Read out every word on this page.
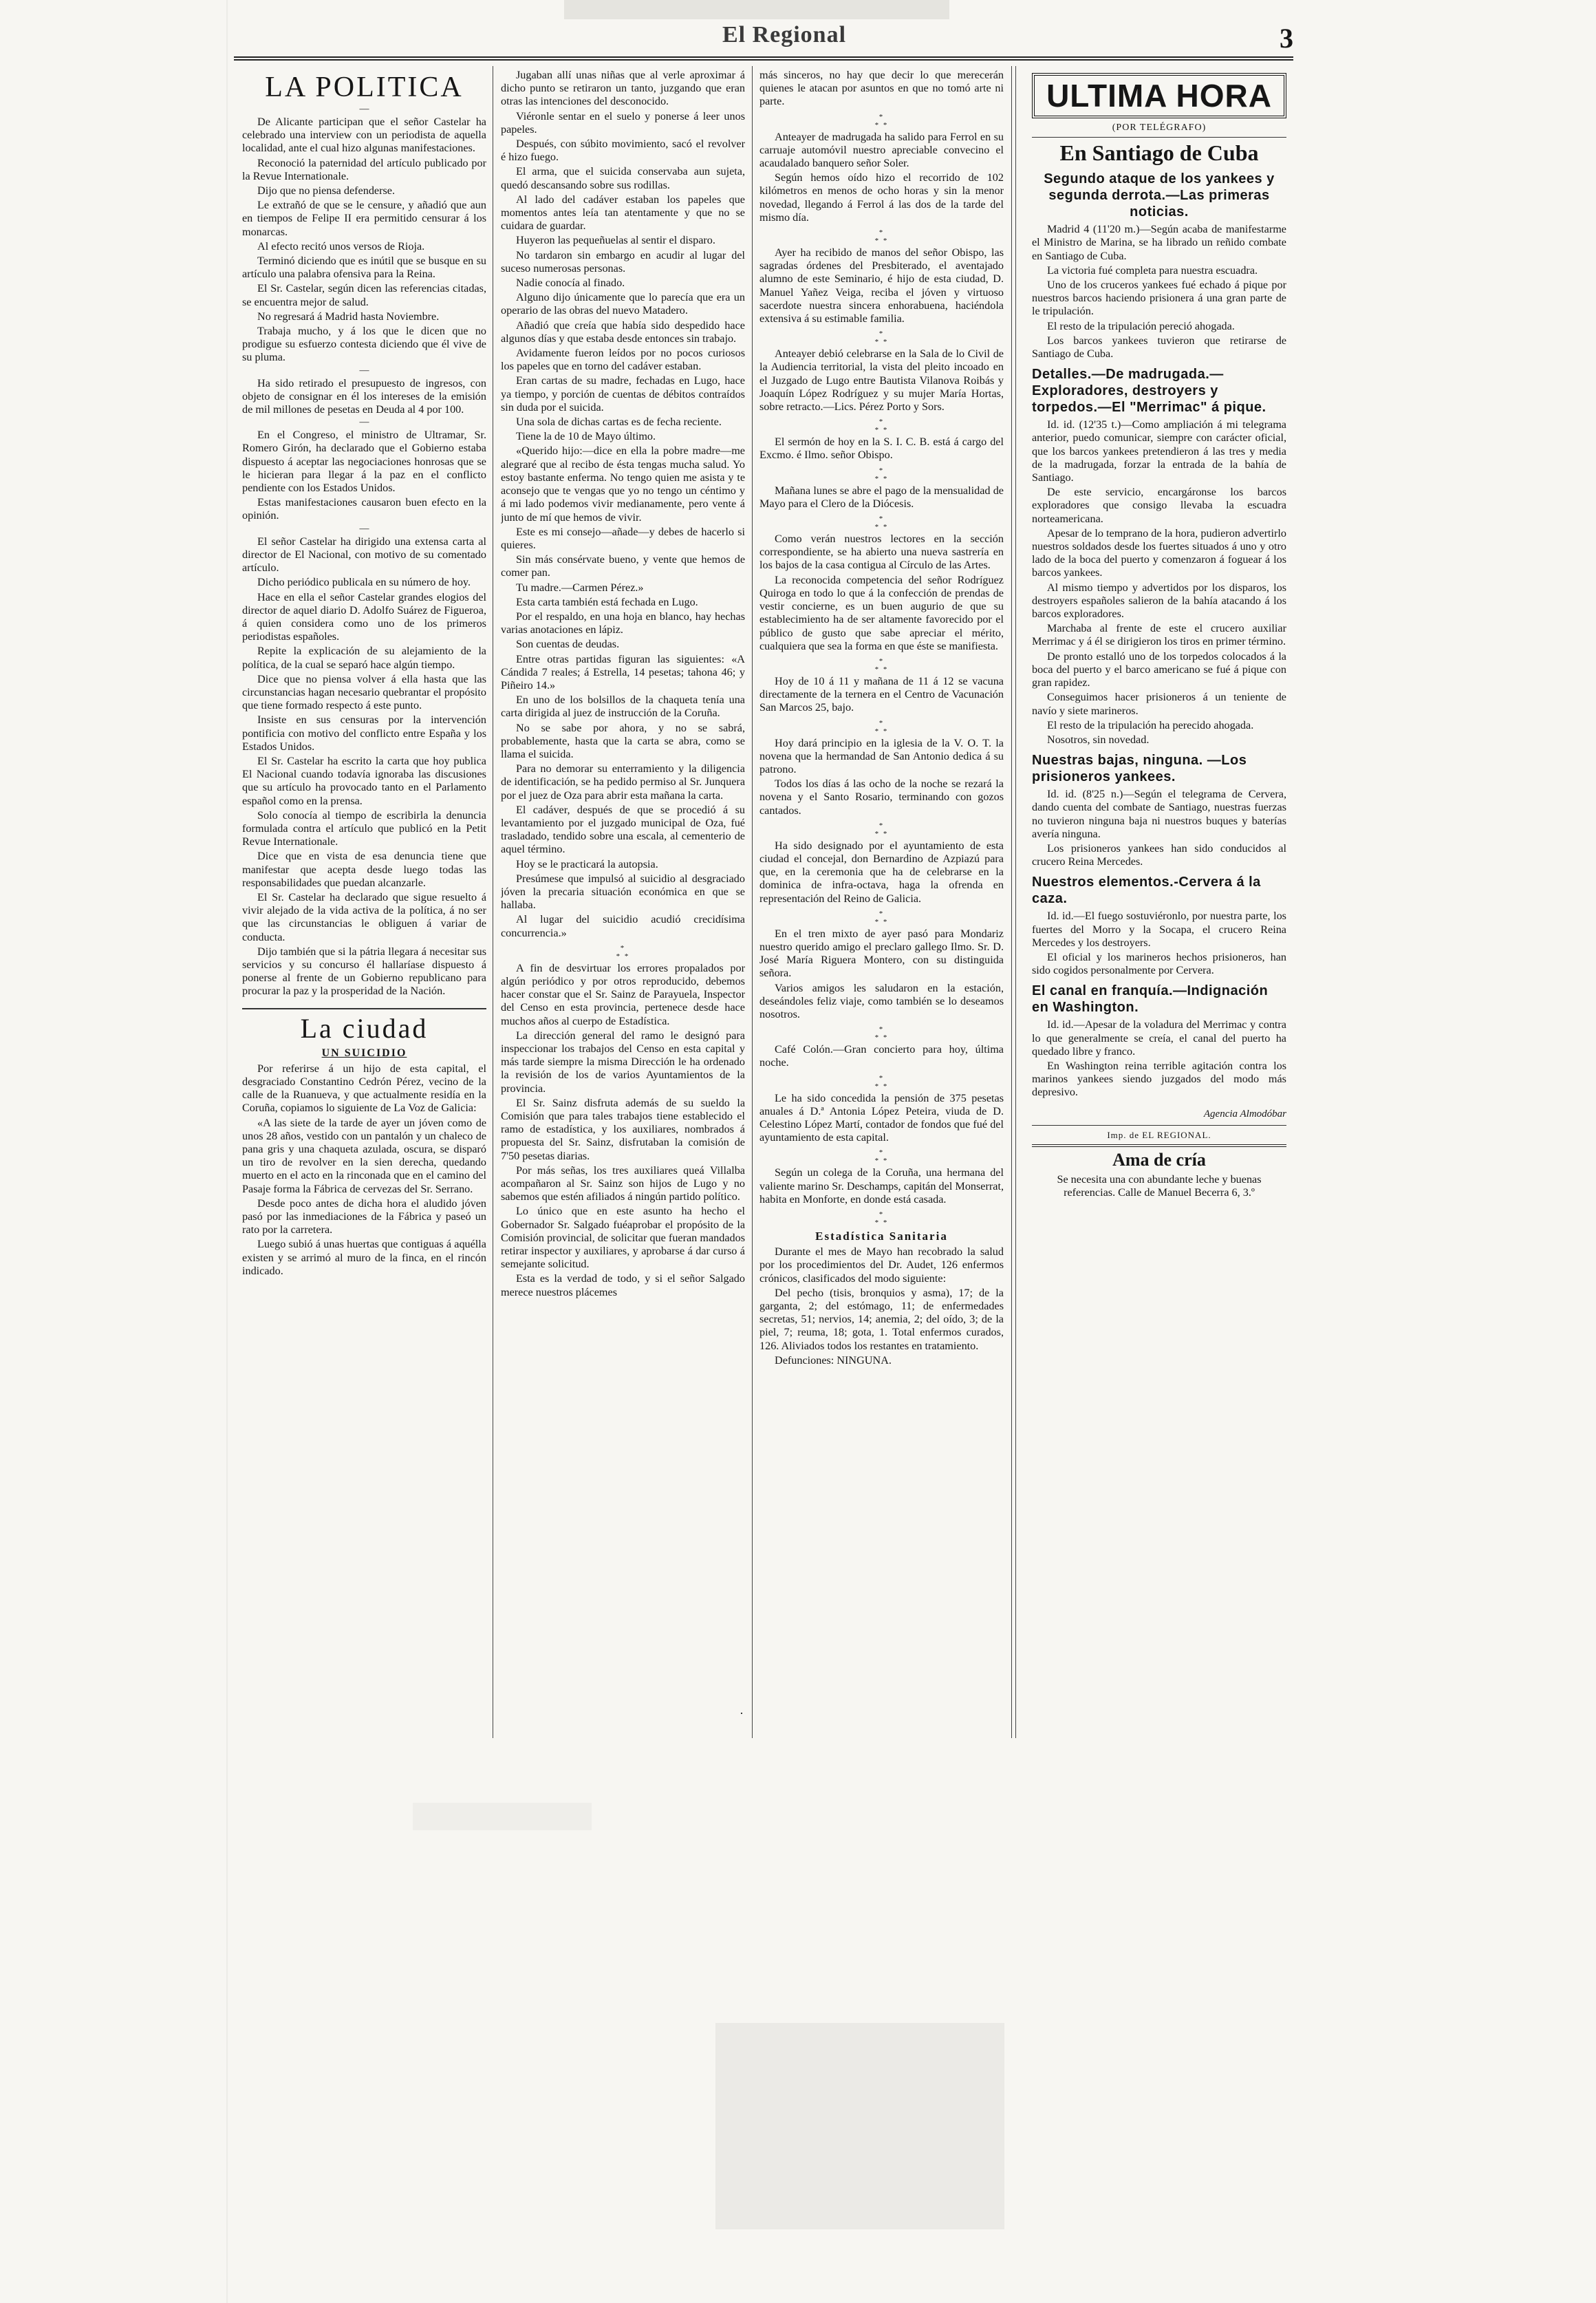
El Regional	3
LA POLITICA
—

De Alicante participan que el señor Castelar ha celebrado una interview con un periodista de aquella localidad, ante el cual hizo algunas manifestaciones.

Reconoció la paternidad del artículo publicado por la Revue Internationale.

Dijo que no piensa defenderse.

Le extrañó de que se le censure, y añadió que aun en tiempos de Felipe II era permitido censurar á los monarcas.

Al efecto recitó unos versos de Rioja.

Terminó diciendo que es inútil que se busque en su artículo una palabra ofensiva para la Reina.

El Sr. Castelar, según dicen las referencias citadas, se encuentra mejor de salud.

No regresará á Madrid hasta Noviembre.

Trabaja mucho, y á los que le dicen que no prodigue su esfuerzo contesta diciendo que él vive de su pluma.

—

Ha sido retirado el presupuesto de ingresos, con objeto de consignar en él los intereses de la emisión de mil millones de pesetas en Deuda al 4 por 100.

—

En el Congreso, el ministro de Ultramar, Sr. Romero Girón, ha declarado que el Gobierno estaba dispuesto á aceptar las negociaciones honrosas que se le hicieran para llegar á la paz en el conflicto pendiente con los Estados Unidos.

Estas manifestaciones causaron buen efecto en la opinión.

—

El señor Castelar ha dirigido una extensa carta al director de El Nacional, con motivo de su comentado artículo.

Dicho periódico publicala en su número de hoy.

Hace en ella el señor Castelar grandes elogios del director de aquel diario D. Adolfo Suárez de Figueroa, á quien considera como uno de los primeros periodistas españoles.

Repite la explicación de su alejamiento de la política, de la cual se separó hace algún tiempo.

Dice que no piensa volver á ella hasta que las circunstancias hagan necesario quebrantar el propósito que tiene formado respecto á este punto.

Insiste en sus censuras por la intervención pontificia con motivo del conflicto entre España y los Estados Unidos.

El Sr. Castelar ha escrito la carta que hoy publica El Nacional cuando todavía ignoraba las discusiones que su artículo ha provocado tanto en el Parlamento español como en la prensa.

Solo conocía al tiempo de escribirla la denuncia formulada contra el artículo que publicó en la Petit Revue Internationale.

Dice que en vista de esa denuncia tiene que manifestar que acepta desde luego todas las responsabilidades que puedan alcanzarle.

El Sr. Castelar ha declarado que sigue resuelto á vivir alejado de la vida activa de la política, á no ser que las circunstancias le obliguen á variar de conducta.

Dijo también que si la pátria llegara á necesitar sus servicios y su concurso él hallaríase dispuesto á ponerse al frente de un Gobierno republicano para procurar la paz y la prosperidad de la Nación.

La ciudad
UN SUICIDIO

Por referirse á un hijo de esta capital, el desgraciado Constantino Cedrón Pérez, vecino de la calle de la Ruanueva, y que actualmente residía en la Coruña, copiamos lo siguiente de La Voz de Galicia:

«A las siete de la tarde de ayer un jóven como de unos 28 años, vestido con un pantalón y un chaleco de pana gris y una chaqueta azulada, oscura, se disparó un tiro de revolver en la sien derecha, quedando muerto en el acto en la rinconada que en el camino del Pasaje forma la Fábrica de cervezas del Sr. Serrano.

Desde poco antes de dicha hora el aludido jóven pasó por las inmediaciones de la Fábrica y paseó un rato por la carretera.

Luego subió á unas huertas que contiguas á aquélla existen y se arrimó al muro de la finca, en el rincón indicado.

Jugaban allí unas niñas que al verle aproximar á dicho punto se retiraron un tanto, juzgando que eran otras las intenciones del desconocido.

Viéronle sentar en el suelo y ponerse á leer unos papeles.

Después, con súbito movimiento, sacó el revolver é hizo fuego.

El arma, que el suicida conservaba aun sujeta, quedó descansando sobre sus rodillas.

Al lado del cadáver estaban los papeles que momentos antes leía tan atentamente y que no se cuidara de guardar.

Huyeron las pequeñuelas al sentir el disparo.

No tardaron sin embargo en acudir al lugar del suceso numerosas personas.

Nadie conocía al finado.

Alguno dijo únicamente que lo parecía que era un operario de las obras del nuevo Matadero.

Añadió que creía que había sido despedido hace algunos días y que estaba desde entonces sin trabajo.

Avidamente fueron leídos por no pocos curiosos los papeles que en torno del cadáver estaban.

Eran cartas de su madre, fechadas en Lugo, hace ya tiempo, y porción de cuentas de débitos contraídos sin duda por el suicida.

Una sola de dichas cartas es de fecha reciente.

Tiene la de 10 de Mayo último.

«Querido hijo:—dice en ella la pobre madre—me alegraré que al recibo de ésta tengas mucha salud. Yo estoy bastante enferma. No tengo quien me asista y te aconsejo que te vengas que yo no tengo un céntimo y á mi lado podemos vivir medianamente, pero vente á junto de mí que hemos de vivir.

Este es mi consejo—añade—y debes de hacerlo si quieres.

Sin más consérvate bueno, y vente que hemos de comer pan.

Tu madre.—Carmen Pérez.»

Esta carta también está fechada en Lugo.

Por el respaldo, en una hoja en blanco, hay hechas varias anotaciones en lápiz.

Son cuentas de deudas.

Entre otras partidas figuran las siguientes: «A Cándida 7 reales; á Estrella, 14 pesetas; tahona 46; y Piñeiro 14.»

En uno de los bolsillos de la chaqueta tenía una carta dirigida al juez de instrucción de la Coruña.

No se sabe por ahora, y no se sabrá, probablemente, hasta que la carta se abra, como se llama el suicida.

Para no demorar su enterramiento y la diligencia de identificación, se ha pedido permiso al Sr. Junquera por el juez de Oza para abrir esta mañana la carta.

El cadáver, después de que se procedió á su levantamiento por el juzgado municipal de Oza, fué trasladado, tendido sobre una escala, al cementerio de aquel término.

Hoy se le practicará la autopsia.

Presúmese que impulsó al suicidio al desgraciado jóven la precaria situación económica en que se hallaba.

Al lugar del suicidio acudió crecidísima concurrencia.»

*
* *

A fin de desvirtuar los errores propalados por algún periódico y por otros reproducido, debemos hacer constar que el Sr. Sainz de Parayuela, Inspector del Censo en esta provincia, pertenece desde hace muchos años al cuerpo de Estadística.

La dirección general del ramo le designó para inspeccionar los trabajos del Censo en esta capital y más tarde siempre la misma Dirección le ha ordenado la revisión de los de varios Ayuntamientos de la provincia.

El Sr. Sainz disfruta además de su sueldo la Comisión que para tales trabajos tiene establecido el ramo de estadística, y los auxiliares, nombrados á propuesta del Sr. Sainz, disfrutaban la comisión de 7'50 pesetas diarias.

Por más señas, los tres auxiliares queá Villalba acompañaron al Sr. Sainz son hijos de Lugo y no sabemos que estén afiliados á ningún partido político.

Lo único que en este asunto ha hecho el Gobernador Sr. Salgado fuéaprobar el propósito de la Comisión provincial, de solicitar que fueran mandados retirar inspector y auxiliares, y aprobarse á dar curso á semejante solicitud.

Esta es la verdad de todo, y si el señor Salgado merece nuestros plácemes

más sinceros, no hay que decir lo que merecerán quienes le atacan por asuntos en que no tomó arte ni parte.

*
* *

Anteayer de madrugada ha salido para Ferrol en su carruaje automóvil nuestro apreciable convecino el acaudalado banquero señor Soler.

Según hemos oído hizo el recorrido de 102 kilómetros en menos de ocho horas y sin la menor novedad, llegando á Ferrol á las dos de la tarde del mismo día.

*
* *

Ayer ha recibido de manos del señor Obispo, las sagradas órdenes del Presbiterado, el aventajado alumno de este Seminario, é hijo de esta ciudad, D. Manuel Yañez Veiga, reciba el jóven y virtuoso sacerdote nuestra sincera enhorabuena, haciéndola extensiva á su estimable familia.

*
* *

Anteayer debió celebrarse en la Sala de lo Civil de la Audiencia territorial, la vista del pleito incoado en el Juzgado de Lugo entre Bautista Vilanova Roibás y Joaquín López Rodríguez y su mujer María Hortas, sobre retracto.—Lics. Pérez Porto y Sors.

*
* *

El sermón de hoy en la S. I. C. B. está á cargo del Excmo. é Ilmo. señor Obispo.

*
* *

Mañana lunes se abre el pago de la mensualidad de Mayo para el Clero de la Diócesis.

*
* *

Como verán nuestros lectores en la sección correspondiente, se ha abierto una nueva sastrería en los bajos de la casa contigua al Círculo de las Artes.

La reconocida competencia del señor Rodríguez Quiroga en todo lo que á la confección de prendas de vestir concierne, es un buen augurio de que su establecimiento ha de ser altamente favorecido por el público de gusto que sabe apreciar el mérito, cualquiera que sea la forma en que éste se manifiesta.

*
* *

Hoy de 10 á 11 y mañana de 11 á 12 se vacuna directamente de la ternera en el Centro de Vacunación San Marcos 25, bajo.

*
* *

Hoy dará principio en la iglesia de la V. O. T. la novena que la hermandad de San Antonio dedica á su patrono.

Todos los días á las ocho de la noche se rezará la novena y el Santo Rosario, terminando con gozos cantados.

*
* *

Ha sido designado por el ayuntamiento de esta ciudad el concejal, don Bernardino de Azpiazú para que, en la ceremonia que ha de celebrarse en la dominica de infra-octava, haga la ofrenda en representación del Reino de Galicia.

*
* *

En el tren mixto de ayer pasó para Mondariz nuestro querido amigo el preclaro gallego Ilmo. Sr. D. José María Riguera Montero, con su distinguida señora.

Varios amigos les saludaron en la estación, deseándoles feliz viaje, como también se lo deseamos nosotros.

*
* *

Café Colón.—Gran concierto para hoy, última noche.

*
* *

Le ha sido concedida la pensión de 375 pesetas anuales á D.ª Antonia López Peteira, viuda de D. Celestino López Martí, contador de fondos que fué del ayuntamiento de esta capital.

*
* *

Según un colega de la Coruña, una hermana del valiente marino Sr. Deschamps, capitán del Monserrat, habita en Monforte, en donde está casada.

*
* *
Estadística Sanitaria

Durante el mes de Mayo han recobrado la salud por los procedimientos del Dr. Audet, 126 enfermos crónicos, clasificados del modo siguiente:

Del pecho (tisis, bronquios y asma), 17; de la garganta, 2; del estómago, 11; de enfermedades secretas, 51; nervios, 14; anemia, 2; del oído, 3; de la piel, 7; reuma, 18; gota, 1. Total enfermos curados, 126. Aliviados todos los restantes en tratamiento.

Defunciones: NINGUNA.

ULTIMA HORA
(POR TELÉGRAFO)
En Santiago de Cuba
Segundo ataque de los yankees y segunda derrota.—Las primeras noticias.

Madrid 4 (11'20 m.)—Según acaba de manifestarme el Ministro de Marina, se ha librado un reñido combate en Santiago de Cuba.

La victoria fué completa para nuestra escuadra.

Uno de los cruceros yankees fué echado á pique por nuestros barcos haciendo prisionera á una gran parte de le tripulación.

El resto de la tripulación pereció ahogada.

Los barcos yankees tuvieron que retirarse de Santiago de Cuba.

Detalles.—De madrugada.—Exploradores, destroyers y torpedos.—El "Merrimac" á pique.

Id. id. (12'35 t.)—Como ampliación á mi telegrama anterior, puedo comunicar, siempre con carácter oficial, que los barcos yankees pretendieron á las tres y media de la madrugada, forzar la entrada de la bahía de Santiago.

De este servicio, encargáronse los barcos exploradores que consigo llevaba la escuadra norteamericana.

Apesar de lo temprano de la hora, pudieron advertirlo nuestros soldados desde los fuertes situados á uno y otro lado de la boca del puerto y comenzaron á foguear á los barcos yankees.

Al mismo tiempo y advertidos por los disparos, los destroyers españoles salieron de la bahía atacando á los barcos exploradores.

Marchaba al frente de este el crucero auxiliar Merrimac y á él se dirigieron los tiros en primer término.

De pronto estalló uno de los torpedos colocados á la boca del puerto y el barco americano se fué á pique con gran rapidez.

Conseguimos hacer prisioneros á un teniente de navío y siete marineros.

El resto de la tripulación ha perecido ahogada.

Nosotros, sin novedad.

Nuestras bajas, ninguna. —Los prisioneros yankees.

Id. id. (8'25 n.)—Según el telegrama de Cervera, dando cuenta del combate de Santiago, nuestras fuerzas no tuvieron ninguna baja ni nuestros buques y baterías avería ninguna.

Los prisioneros yankees han sido conducidos al crucero Reina Mercedes.

Nuestros elementos.-Cervera á la caza.

Id. id.—El fuego sostuviéronlo, por nuestra parte, los fuertes del Morro y la Socapa, el crucero Reina Mercedes y los destroyers.

El oficial y los marineros hechos prisioneros, han sido cogidos personalmente por Cervera.

El canal en franquía.—Indignación en Washington.

Id. id.—Apesar de la voladura del Merrimac y contra lo que generalmente se creía, el canal del puerto ha quedado libre y franco.

En Washington reina terrible agitación contra los marinos yankees siendo juzgados del modo más depresivo.

Agencia Almodóbar
Imp. de EL REGIONAL.
Ama de cría
Se necesita una con abundante leche y buenas referencias. Calle de Manuel Becerra 6, 3.º
·
